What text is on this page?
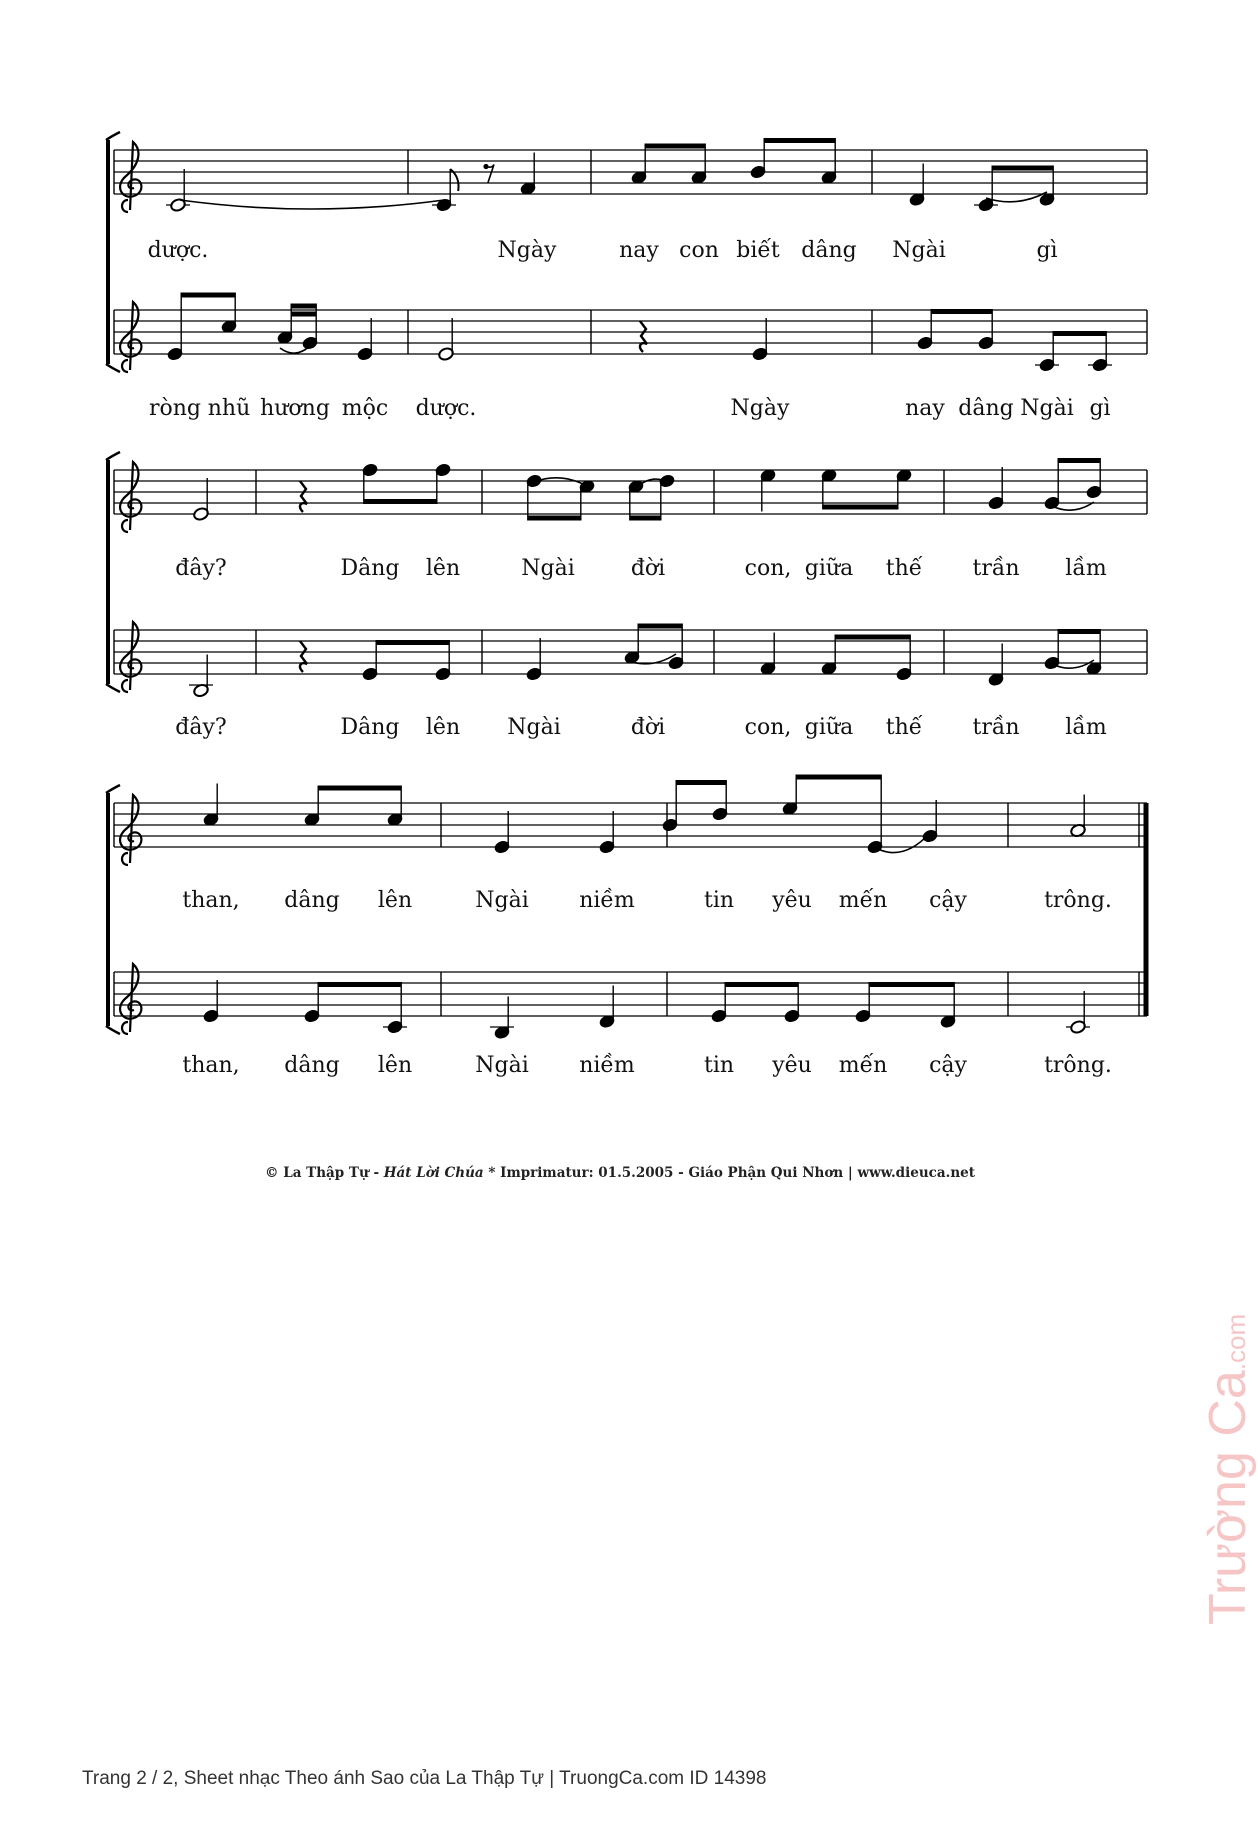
dược.	Ngày	nay con biết dâng Ngài	gì
ròng nhũ hương mộc dược.	Ngày	nay dâng Ngài gì
đây?	Dâng lên	Ngài	đời	con, giữa thế trần lầm
đây?	Dâng lên Ngài	đời	con, giữa thế trần lầm
than, dâng lên	Ngài niềm	tin yêu mến cậy	trông.
than, dâng lên	Ngài niềm	tin yêu mến cậy	trông.
© La Thập Tự - Hát Lời Chúa * Imprimatur: 01.5.2005 - Giáo Phận Qui Nhơn | www.dieuca.net
Trang 2 / 2, Sheet nhạc Theo ánh Sao của La Thập Tự | TruongCa.com ID 14398
Trường Ca.com
